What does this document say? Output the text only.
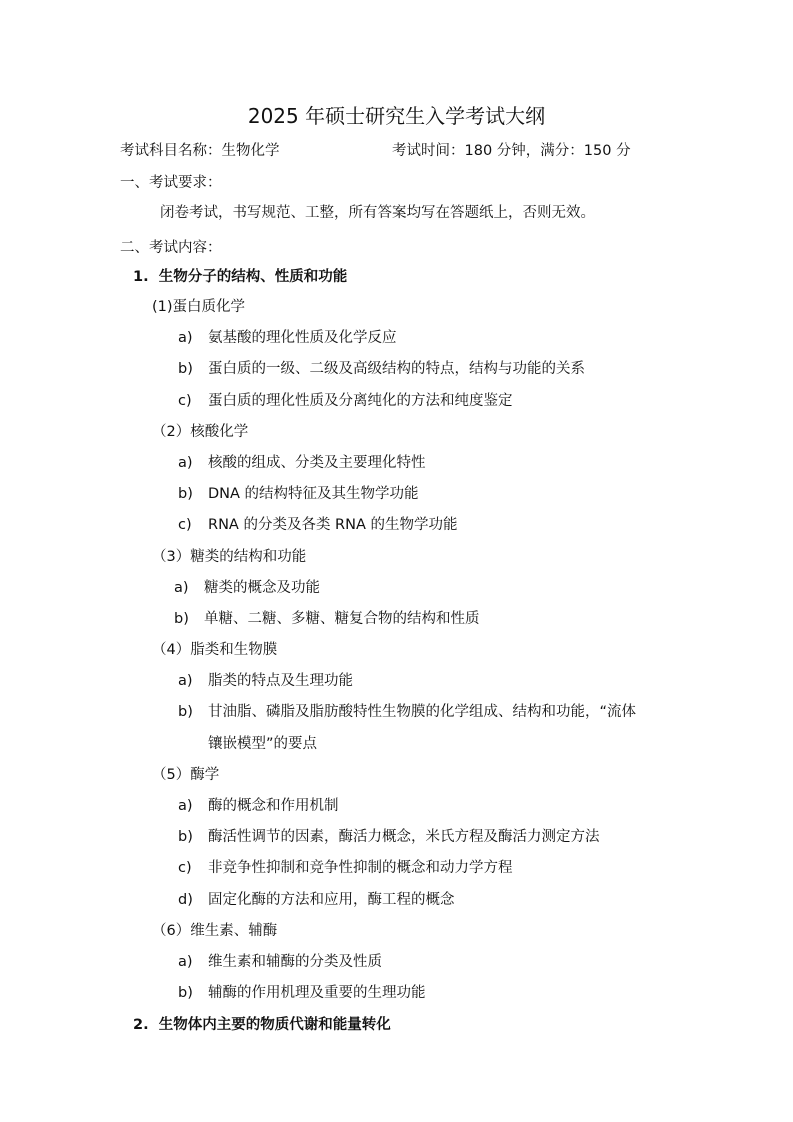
2025 年硕士研究生入学考试大纲
考试科目名称：生物化学	考试时间：180 分钟，满分：150 分
一、考试要求：
闭卷考试，书写规范、工整，所有答案均写在答题纸上，否则无效。
二、考试内容：
1. 生物分子的结构、性质和功能
(1)蛋白质化学
a) 氨基酸的理化性质及化学反应
b) 蛋白质的一级、二级及高级结构的特点，结构与功能的关系
c) 蛋白质的理化性质及分离纯化的方法和纯度鉴定
（2）核酸化学
a) 核酸的组成、分类及主要理化特性
b) DNA 的结构特征及其生物学功能
c) RNA 的分类及各类 RNA 的生物学功能
（3）糖类的结构和功能
a) 糖类的概念及功能
b) 单糖、二糖、多糖、糖复合物的结构和性质
（4）脂类和生物膜
a) 脂类的特点及生理功能
b) 甘油脂、磷脂及脂肪酸特性生物膜的化学组成、结构和功能，“流体
镶嵌模型”的要点
（5）酶学
a) 酶的概念和作用机制
b) 酶活性调节的因素，酶活力概念，米氏方程及酶活力测定方法
c) 非竞争性抑制和竞争性抑制的概念和动力学方程
d) 固定化酶的方法和应用，酶工程的概念
（6）维生素、辅酶
a) 维生素和辅酶的分类及性质
b) 辅酶的作用机理及重要的生理功能
2. 生物体内主要的物质代谢和能量转化
